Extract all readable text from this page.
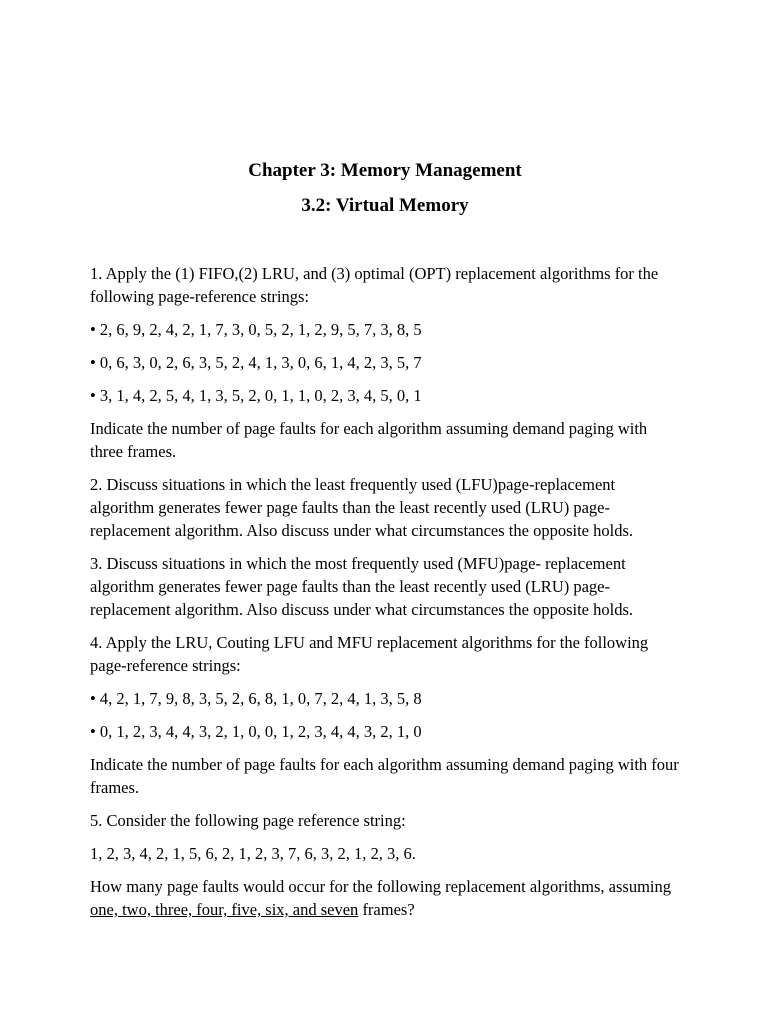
Chapter 3: Memory Management
3.2: Virtual Memory

1. Apply the (1) FIFO,(2) LRU, and (3) optimal (OPT) replacement algorithms for the following page-reference strings:

• 2, 6, 9, 2, 4, 2, 1, 7, 3, 0, 5, 2, 1, 2, 9, 5, 7, 3, 8, 5

• 0, 6, 3, 0, 2, 6, 3, 5, 2, 4, 1, 3, 0, 6, 1, 4, 2, 3, 5, 7

• 3, 1, 4, 2, 5, 4, 1, 3, 5, 2, 0, 1, 1, 0, 2, 3, 4, 5, 0, 1

Indicate the number of page faults for each algorithm assuming demand paging with three frames.

2. Discuss situations in which the least frequently used (LFU)page-replacement algorithm generates fewer page faults than the least recently used (LRU) page-replacement algorithm. Also discuss under what circumstances the opposite holds.

3. Discuss situations in which the most frequently used (MFU)page- replacement algorithm generates fewer page faults than the least recently used (LRU) page-replacement algorithm. Also discuss under what circumstances the opposite holds.

4. Apply the LRU, Couting LFU and MFU replacement algorithms for the following page-reference strings:

• 4, 2, 1, 7, 9, 8, 3, 5, 2, 6, 8, 1, 0, 7, 2, 4, 1, 3, 5, 8

• 0, 1, 2, 3, 4, 4, 3, 2, 1, 0, 0, 1, 2, 3, 4, 4, 3, 2, 1, 0

Indicate the number of page faults for each algorithm assuming demand paging with four frames.

5. Consider the following page reference string:

1, 2, 3, 4, 2, 1, 5, 6, 2, 1, 2, 3, 7, 6, 3, 2, 1, 2, 3, 6.

How many page faults would occur for the following replacement algorithms, assuming one, two, three, four, five, six, and seven frames?
